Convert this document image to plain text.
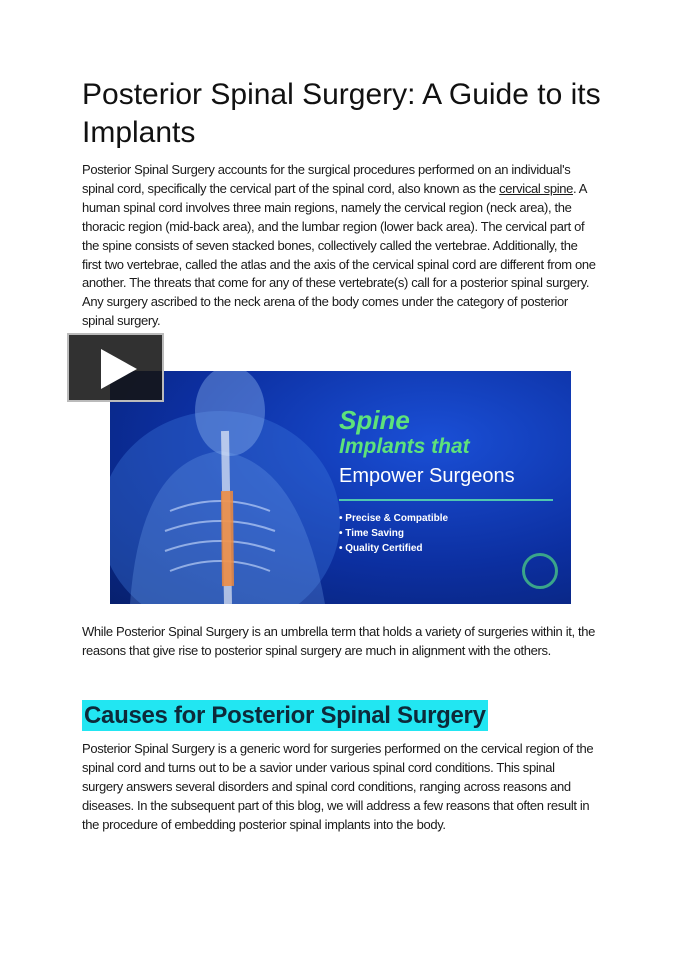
Posterior Spinal Surgery: A Guide to its Implants

Posterior Spinal Surgery accounts for the surgical procedures performed on an individual's spinal cord, specifically the cervical part of the spinal cord, also known as the cervical spine. A human spinal cord involves three main regions, namely the cervical region (neck area), the thoracic region (mid-back area), and the lumbar region (lower back area). The cervical part of the spine consists of seven stacked bones, collectively called the vertebrae. Additionally, the first two vertebrae, called the atlas and the axis of the cervical spinal cord are different from one another. The threats that come for any of these vertebrate(s) call for a posterior spinal surgery. Any surgery ascribed to the neck arena of the body comes under the category of posterior spinal surgery.

Spine
Implants that
Empower Surgeons
• Precise & Compatible
• Time Saving
• Quality Certified

While Posterior Spinal Surgery is an umbrella term that holds a variety of surgeries within it, the reasons that give rise to posterior spinal surgery are much in alignment with the others.

Causes for Posterior Spinal Surgery

Posterior Spinal Surgery is a generic word for surgeries performed on the cervical region of the spinal cord and turns out to be a savior under various spinal cord conditions. This spinal surgery answers several disorders and spinal cord conditions, ranging across reasons and diseases. In the subsequent part of this blog, we will address a few reasons that often result in the procedure of embedding posterior spinal implants into the body.
